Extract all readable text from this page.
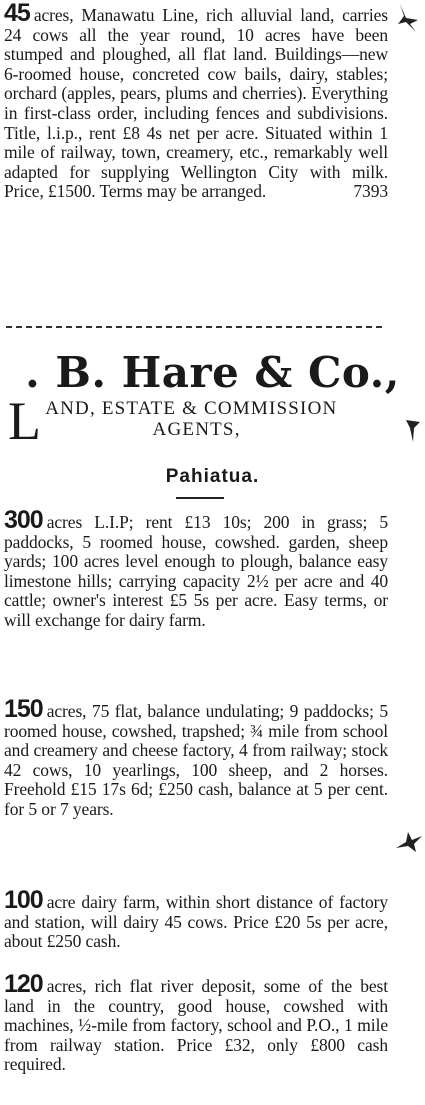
45 acres, Manawatu Line, rich alluvial land, carries 24 cows all the year round, 10 acres have been stumped and ploughed, all flat land. Buildings—new 6-roomed house, concreted cow bails, dairy, stables; orchard (apples, pears, plums and cherries). Everything in first-class order, including fences and subdivisions. Title, l.i.p., rent £8 4s net per acre. Situated within 1 mile of railway, town, creamery, etc., remarkably well adapted for supplying Wellington City with milk. Price, £1500. Terms may be arranged.	7393
. B. Hare & Co.,
L AND, ESTATE & COMMISSION
AGENTS,
Pahiatua.
300 acres L.I.P; rent £13 10s; 200 in grass; 5 paddocks, 5 roomed house, cowshed. garden, sheep yards; 100 acres level enough to plough, balance easy limestone hills; carrying capacity 2½ per acre and 40 cattle; owner's interest £5 5s per acre. Easy terms, or will exchange for dairy farm.
150 acres, 75 flat, balance undulating; 9 paddocks; 5 roomed house, cowshed, trapshed; ¾ mile from school and creamery and cheese factory, 4 from railway; stock 42 cows, 10 yearlings, 100 sheep, and 2 horses. Freehold £15 17s 6d; £250 cash, balance at 5 per cent. for 5 or 7 years.
100 acre dairy farm, within short distance of factory and station, will dairy 45 cows. Price £20 5s per acre, about £250 cash.
120 acres, rich flat river deposit, some of the best land in the country, good house, cowshed with machines, ½-mile from factory, school and P.O., 1 mile from railway station. Price £32, only £800 cash required.
